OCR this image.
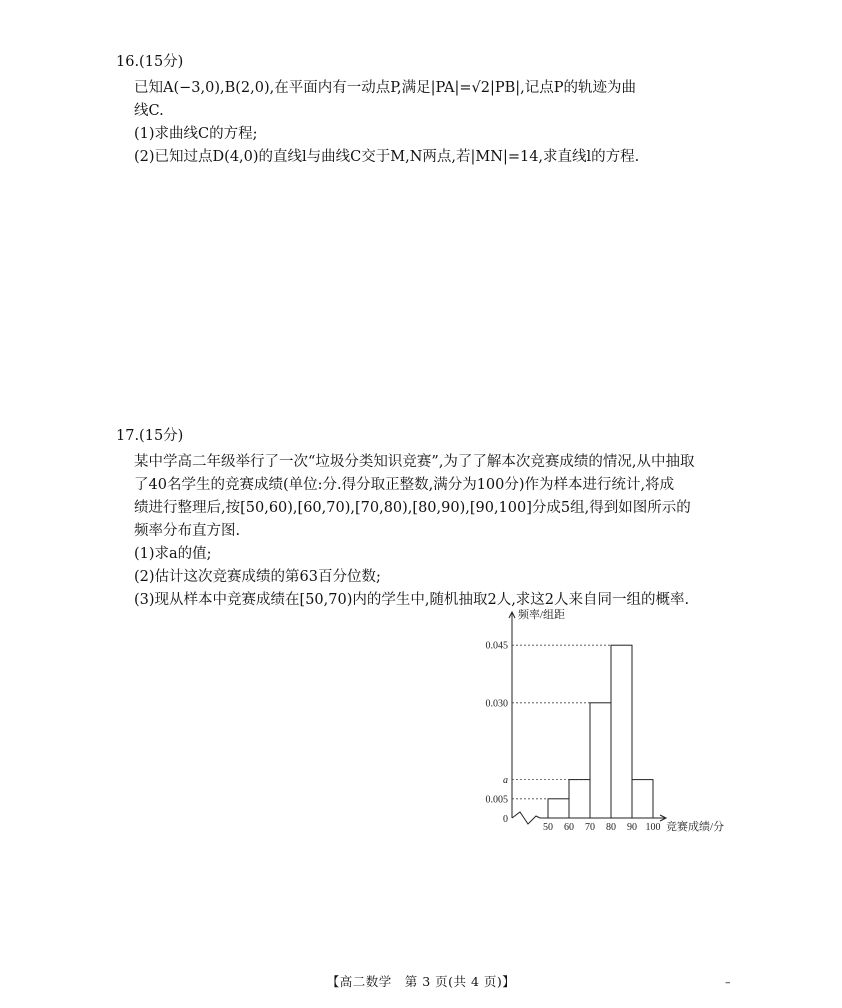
16.(15分)
已知A(−3,0),B(2,0),在平面内有一动点P,满足|PA|=√2|PB|,记点P的轨迹为曲
线C.
(1)求曲线C的方程;
(2)已知过点D(4,0)的直线l与曲线C交于M,N两点,若|MN|=14,求直线l的方程.
17.(15分)
某中学高二年级举行了一次“垃圾分类知识竞赛”,为了了解本次竞赛成绩的情况,从中抽取
了40名学生的竞赛成绩(单位:分.得分取正整数,满分为100分)作为样本进行统计,将成
绩进行整理后,按[50,60),[60,70),[70,80),[80,90),[90,100]分成5组,得到如图所示的
频率分布直方图.
(1)求a的值;
(2)估计这次竞赛成绩的第63百分位数;
(3)现从样本中竞赛成绩在[50,70)内的学生中,随机抽取2人,求这2人来自同一组的概率.
0.005
a
0.030
0.045
50 60 70 80 90 100
频率/组距
竞赛成绩/分
0
【高二数学　第 3 页(共 4 页)】	–
